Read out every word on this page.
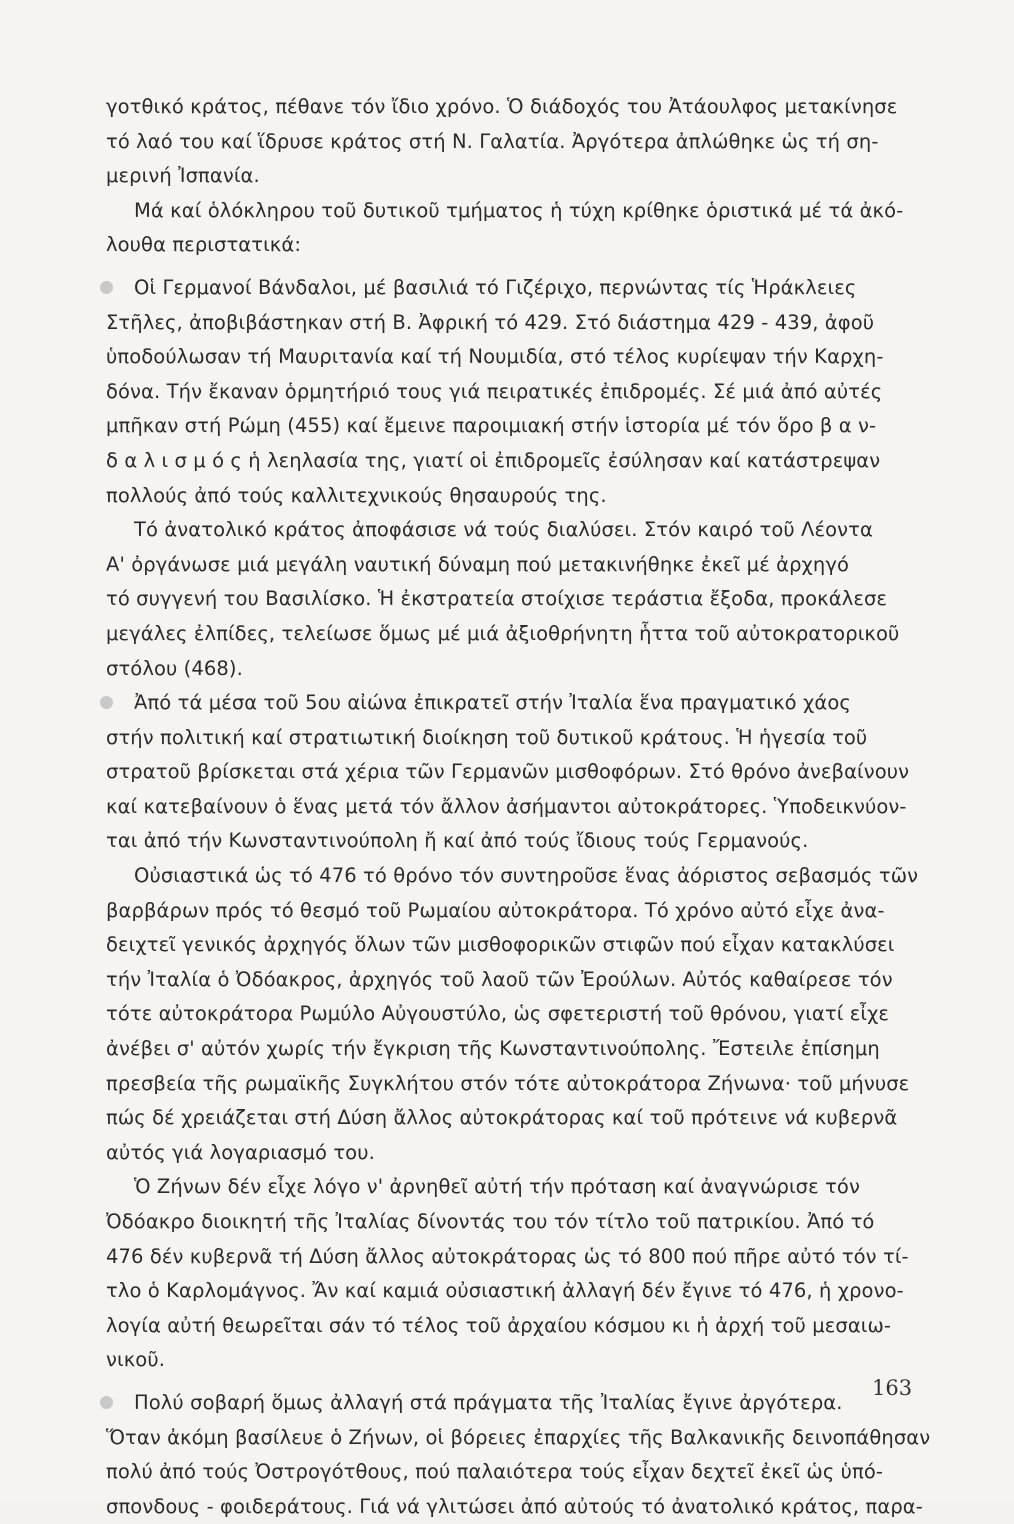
γοτθικό κράτος, πέθανε τόν ἴδιο χρόνο. Ὁ διάδοχός του Ἀτάουλφος μετακίνησε
τό λαό του καί ἵδρυσε κράτος στή Ν. Γαλατία. Ἀργότερα ἀπλώθηκε ὡς τή ση-
μερινή Ἰσπανία.
Μά καί ὁλόκληρου τοῦ δυτικοῦ τμήματος ἡ τύχη κρίθηκε ὁριστικά μέ τά ἀκό-
λουθα περιστατικά:
Οἱ Γερμανοί Βάνδαλοι, μέ βασιλιά τό Γιζέριχο, περνώντας τίς Ἡράκλειες
Στῆλες, ἀποβιβάστηκαν στή Β. Ἀφρική τό 429. Στό διάστημα 429 - 439, ἀφοῦ
ὑποδούλωσαν τή Μαυριτανία καί τή Νουμιδία, στό τέλος κυρίεψαν τήν Καρχη-
δόνα. Τήν ἔκαναν ὁρμητήριό τους γιά πειρατικές ἐπιδρομές. Σέ μιά ἀπό αὐτές
μπῆκαν στή Ρώμη (455) καί ἔμεινε παροιμιακή στήν ἱστορία μέ τόν ὅρο β α ν-
δ α λ ι σ μ ό ς ἡ λεηλασία της, γιατί οἱ ἐπιδρομεῖς ἐσύλησαν καί κατάστρεψαν
πολλούς ἀπό τούς καλλιτεχνικούς θησαυρούς της.
Τό ἀνατολικό κράτος ἀποφάσισε νά τούς διαλύσει. Στόν καιρό τοῦ Λέοντα
Α' ὀργάνωσε μιά μεγάλη ναυτική δύναμη πού μετακινήθηκε ἐκεῖ μέ ἀρχηγό
τό συγγενή του Βασιλίσκο. Ἡ ἐκστρατεία στοίχισε τεράστια ἔξοδα, προκάλεσε
μεγάλες ἐλπίδες, τελείωσε ὅμως μέ μιά ἀξιοθρήνητη ἧττα τοῦ αὐτοκρατορικοῦ
στόλου (468).
Ἀπό τά μέσα τοῦ 5ου αἰώνα ἐπικρατεῖ στήν Ἰταλία ἕνα πραγματικό χάος
στήν πολιτική καί στρατιωτική διοίκηση τοῦ δυτικοῦ κράτους. Ἡ ἡγεσία τοῦ
στρατοῦ βρίσκεται στά χέρια τῶν Γερμανῶν μισθοφόρων. Στό θρόνο ἀνεβαίνουν
καί κατεβαίνουν ὁ ἕνας μετά τόν ἄλλον ἀσήμαντοι αὐτοκράτορες. Ὑποδεικνύον-
ται ἀπό τήν Κωνσταντινούπολη ἤ καί ἀπό τούς ἴδιους τούς Γερμανούς.
Οὐσιαστικά ὡς τό 476 τό θρόνο τόν συντηροῦσε ἕνας ἀόριστος σεβασμός τῶν
βαρβάρων πρός τό θεσμό τοῦ Ρωμαίου αὐτοκράτορα. Τό χρόνο αὐτό εἶχε ἀνα-
δειχτεῖ γενικός ἀρχηγός ὅλων τῶν μισθοφορικῶν στιφῶν πού εἶχαν κατακλύσει
τήν Ἰταλία ὁ Ὀδόακρος, ἀρχηγός τοῦ λαοῦ τῶν Ἐρούλων. Αὐτός καθαίρεσε τόν
τότε αὐτοκράτορα Ρωμύλο Αὐγουστύλο, ὡς σφετεριστή τοῦ θρόνου, γιατί εἶχε
ἀνέβει σ' αὐτόν χωρίς τήν ἔγκριση τῆς Κωνσταντινούπολης. Ἔστειλε ἐπίσημη
πρεσβεία τῆς ρωμαϊκῆς Συγκλήτου στόν τότε αὐτοκράτορα Ζήνωνα· τοῦ μήνυσε
πώς δέ χρειάζεται στή Δύση ἄλλος αὐτοκράτορας καί τοῦ πρότεινε νά κυβερνᾶ
αὐτός γιά λογαριασμό του.
Ὁ Ζήνων δέν εἶχε λόγο ν' ἀρνηθεῖ αὐτή τήν πρόταση καί ἀναγνώρισε τόν
Ὀδόακρο διοικητή τῆς Ἰταλίας δίνοντάς του τόν τίτλο τοῦ πατρικίου. Ἀπό τό
476 δέν κυβερνᾶ τή Δύση ἄλλος αὐτοκράτορας ὡς τό 800 πού πῆρε αὐτό τόν τί-
τλο ὁ Καρλομάγνος. Ἄν καί καμιά οὐσιαστική ἀλλαγή δέν ἔγινε τό 476, ἡ χρονο-
λογία αὐτή θεωρεῖται σάν τό τέλος τοῦ ἀρχαίου κόσμου κι ἡ ἀρχή τοῦ μεσαιω-
νικοῦ.
Πολύ σοβαρή ὅμως ἀλλαγή στά πράγματα τῆς Ἰταλίας ἔγινε ἀργότερα.
Ὅταν ἀκόμη βασίλευε ὁ Ζήνων, οἱ βόρειες ἐπαρχίες τῆς Βαλκανικῆς δεινοπάθησαν
πολύ ἀπό τούς Ὀστρογότθους, πού παλαιότερα τούς εἶχαν δεχτεῖ ἐκεῖ ὡς ὑπό-
σπονδους - φοιδεράτους. Γιά νά γλιτώσει ἀπό αὐτούς τό ἀνατολικό κράτος, παρα-
163
